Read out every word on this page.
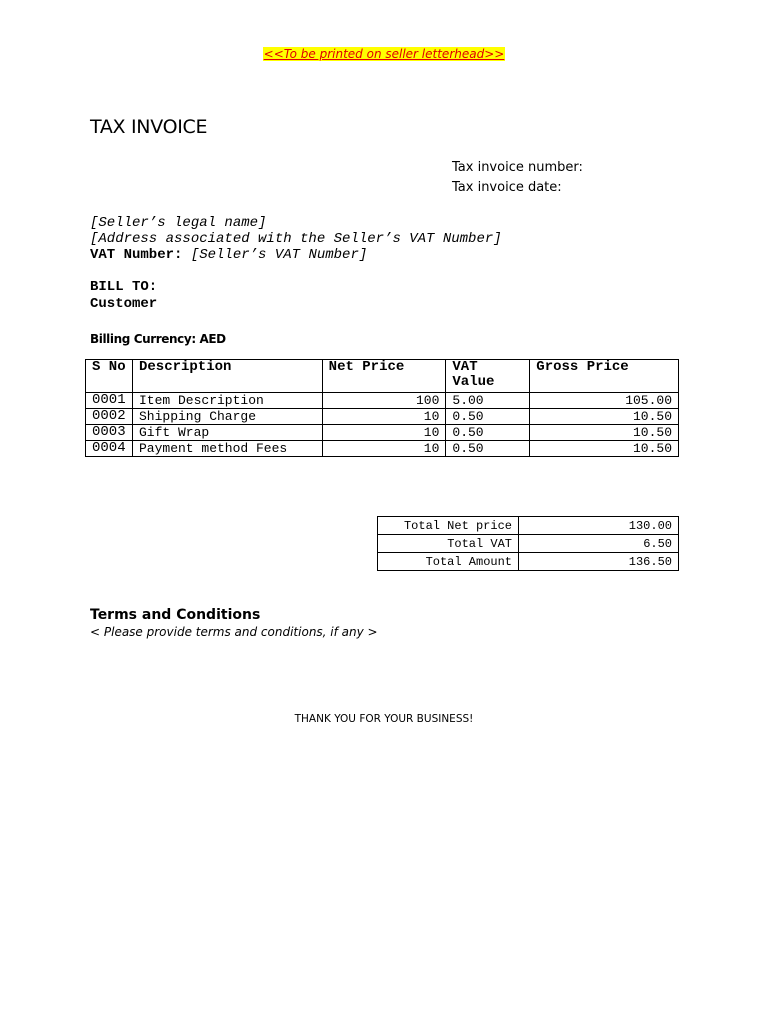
<<To be printed on seller letterhead>>
TAX INVOICE
Tax invoice number:
Tax invoice date:
[Seller’s legal name]
[Address associated with the Seller’s VAT Number]
VAT Number: [Seller’s VAT Number]
BILL TO:
Customer
Billing Currency: AED
S No	Description	Net Price	VAT Value	Gross Price
0001	Item Description	100	5.00	105.00
0002	Shipping Charge	10	0.50	10.50
0003	Gift Wrap	10	0.50	10.50
0004	Payment method Fees	10	0.50	10.50
Total Net price	130.00
Total VAT	6.50
Total Amount	136.50
Terms and Conditions
< Please provide terms and conditions, if any >
THANK YOU FOR YOUR BUSINESS!
